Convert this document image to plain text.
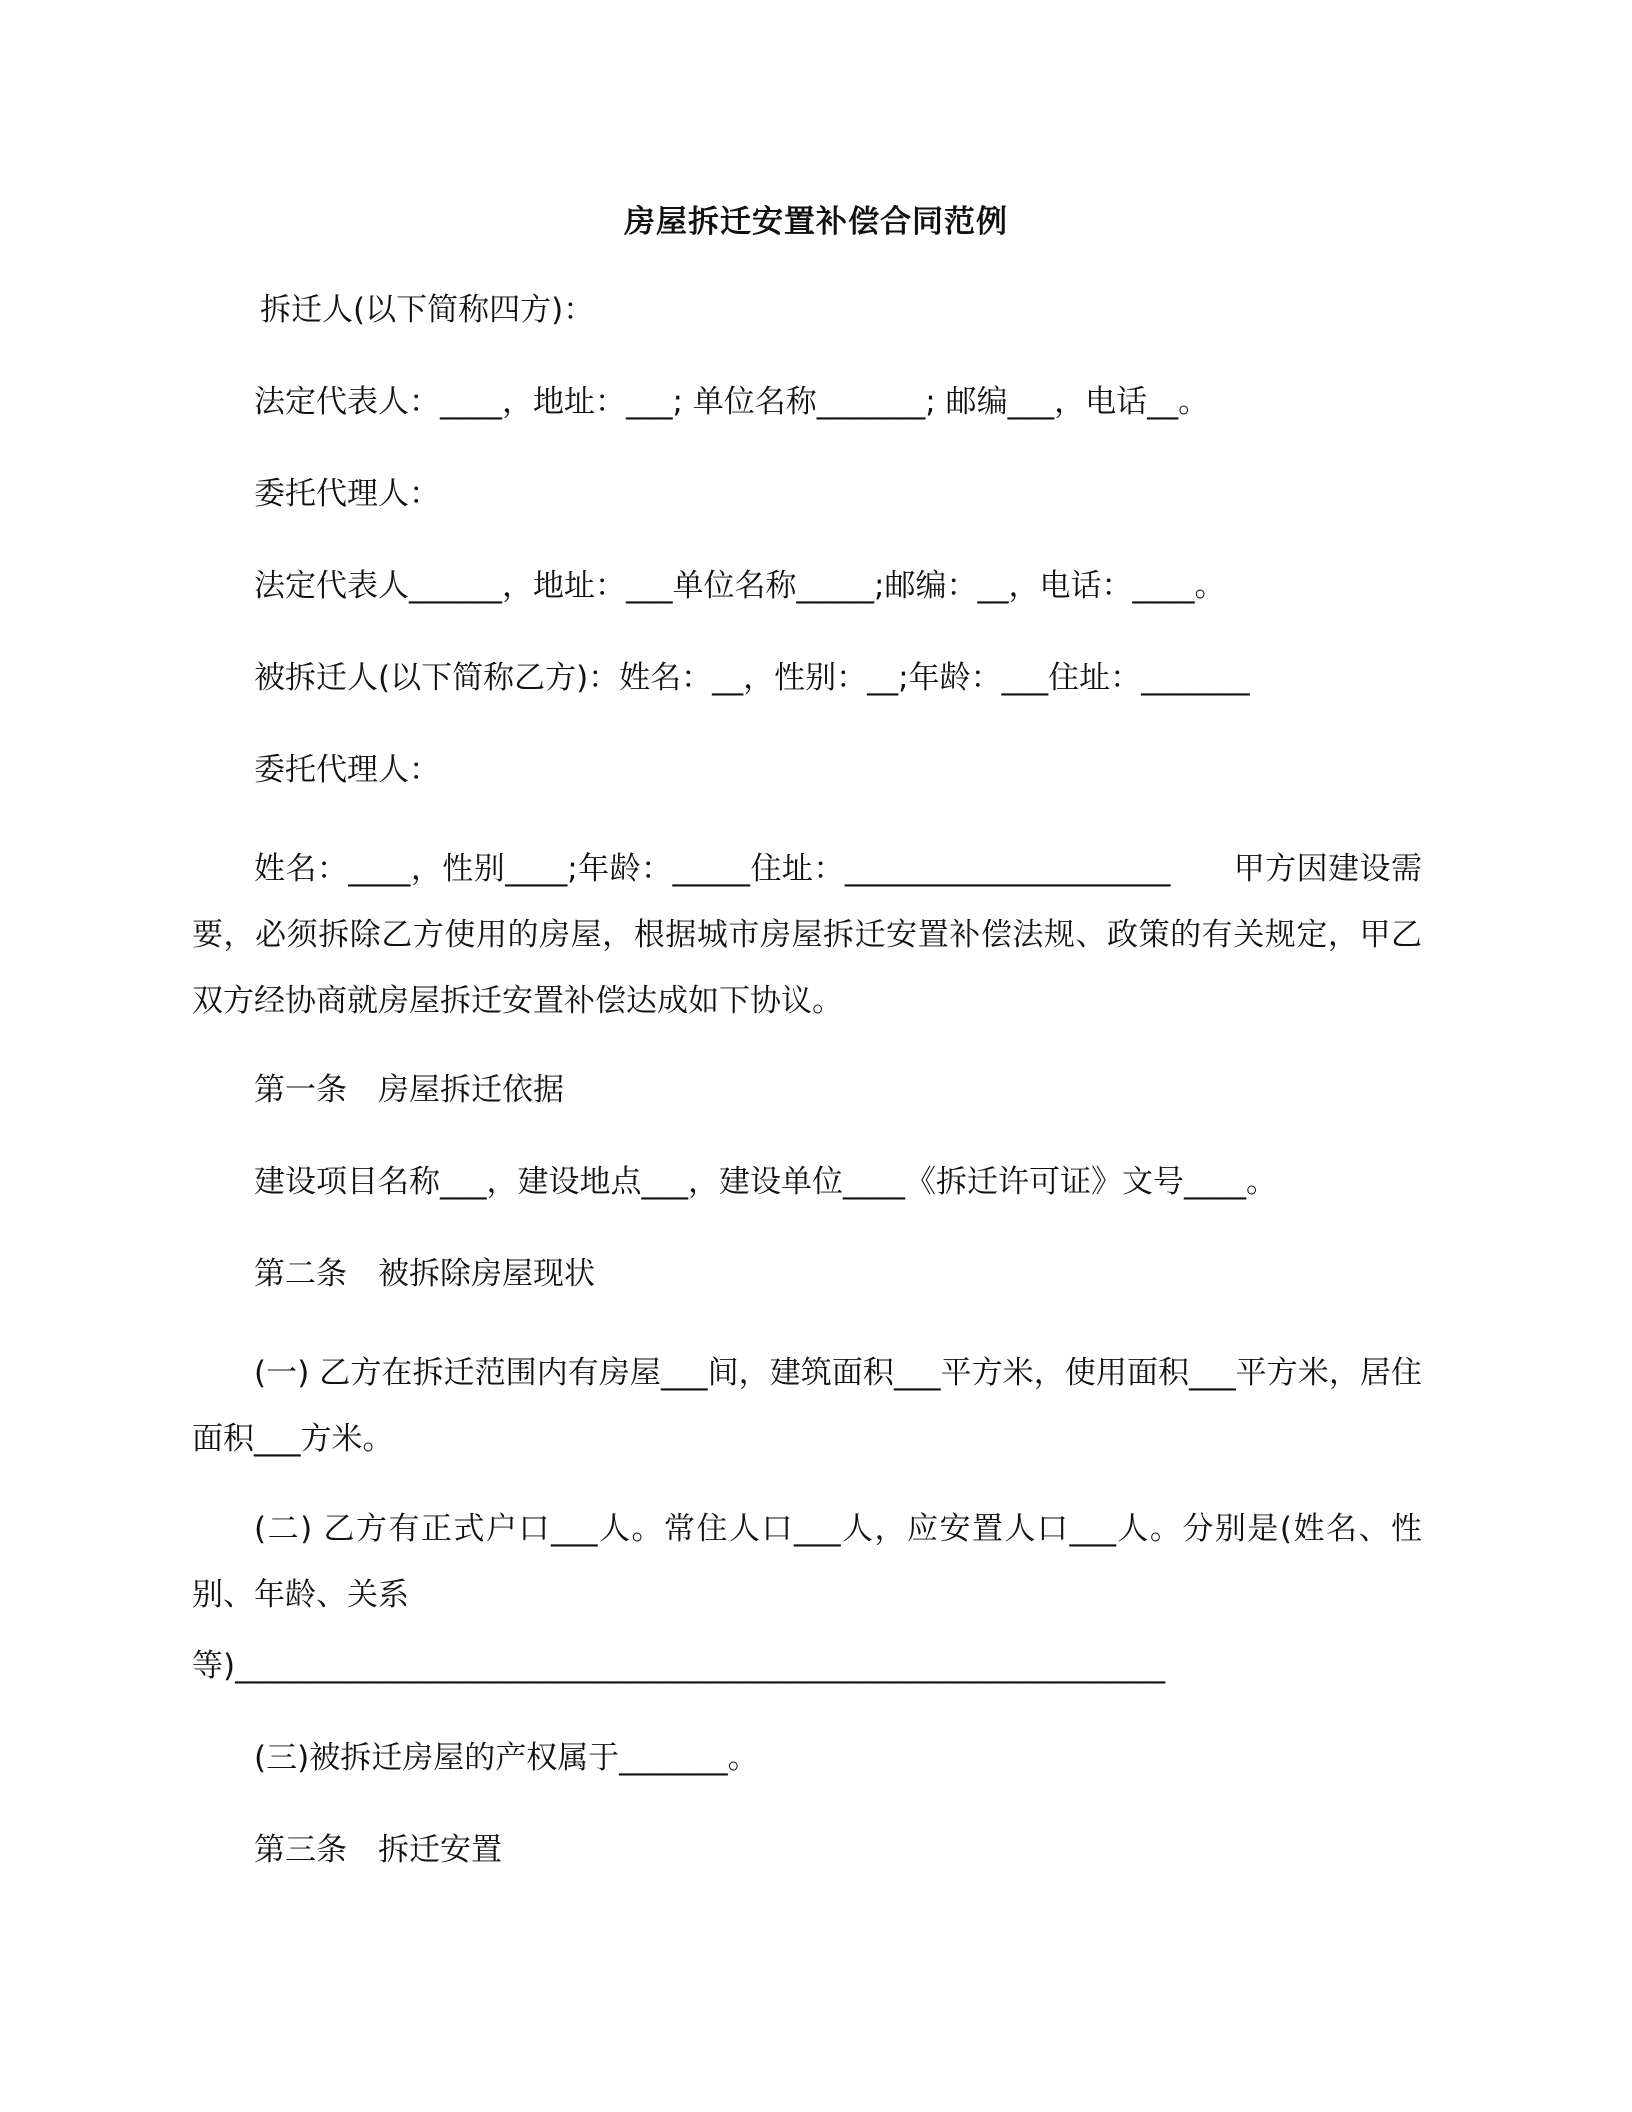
房屋拆迁安置补偿合同范例
拆迁人(以下简称四方)：
法定代表人：____，地址：___; 单位名称_______; 邮编___，电话__。
委托代理人：
法定代表人______，地址：___单位名称_____;邮编：__，电话：____。
被拆迁人(以下简称乙方)：姓名：__，性别：__;年龄：___住址：_______
委托代理人：
姓名：____，性别____;年龄：_____住址：_____________________　　甲方因建设需要，必须拆除乙方使用的房屋，根据城市房屋拆迁安置补偿法规、政策的有关规定，甲乙双方经协商就房屋拆迁安置补偿达成如下协议。
第一条　房屋拆迁依据
建设项目名称___，建设地点___，建设单位____《拆迁许可证》文号____。
第二条　被拆除房屋现状
(一) 乙方在拆迁范围内有房屋___间，建筑面积___平方米，使用面积___平方米，居住面积___方米。
(二) 乙方有正式户口___人。常住人口___人，应安置人口___人。分别是(姓名、性别、年龄、关系
等)____________________________________________________________
(三)被拆迁房屋的产权属于_______。
第三条　拆迁安置
